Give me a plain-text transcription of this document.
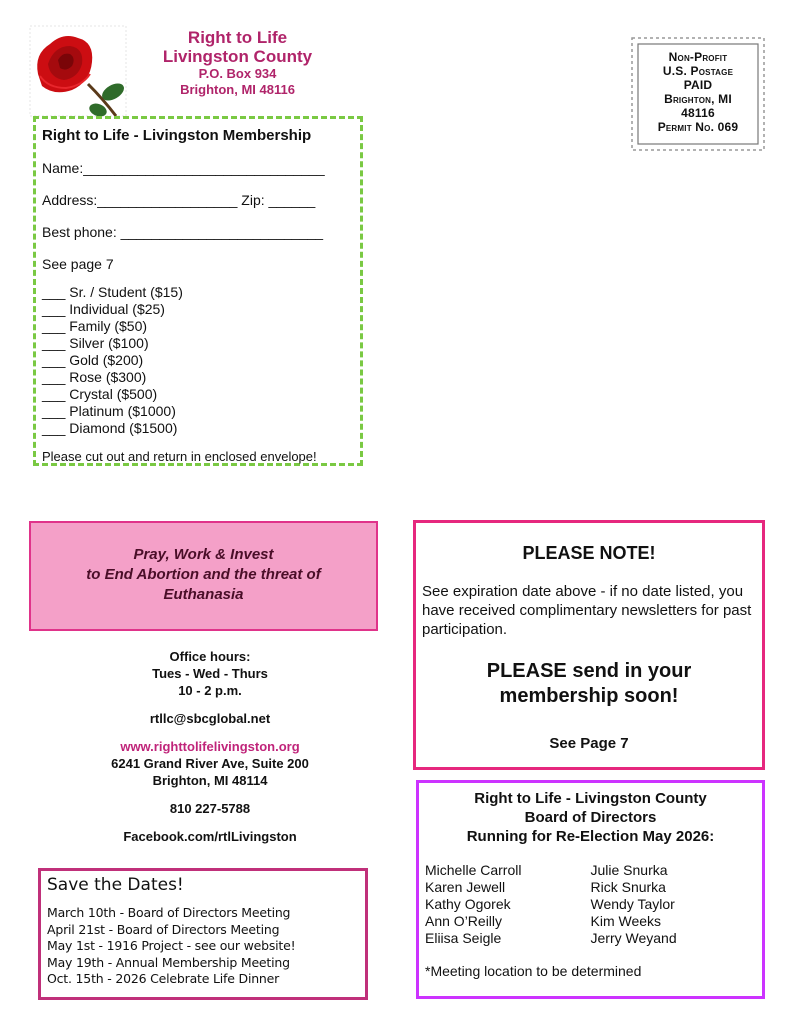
Right to Life
Livingston County
P.O. Box 934
Brighton, MI 48116
Non-Profit
U.S. Postage
PAID
Brighton, MI
48116
Permit No. 069
Right to Life - Livingston Membership
Name:_______________________________
Address:__________________ Zip: ______
Best phone: __________________________
See page 7
___ Sr. / Student ($15)
___ Individual ($25)
___ Family ($50)
___ Silver ($100)
___ Gold ($200)
___ Rose ($300)
___ Crystal ($500)
___ Platinum ($1000)
___ Diamond ($1500)
Please cut out and return in enclosed envelope!
Pray, Work & Invest
to End Abortion and the threat of
Euthanasia
Office hours:
Tues - Wed - Thurs
10 - 2 p.m.
rtllc@sbcglobal.net
www.righttolifelivingston.org
6241 Grand River Ave, Suite 200
Brighton, MI 48114
810 227-5788
Facebook.com/rtlLivingston
Save the Dates!
March 10th - Board of Directors Meeting
April 21st - Board of Directors Meeting
May 1st - 1916 Project - see our website!
May 19th - Annual Membership Meeting
Oct. 15th - 2026 Celebrate Life Dinner
PLEASE NOTE!
See expiration date above - if no date listed, you have received complimentary newsletters for past participation.
PLEASE send in your
membership soon!
See Page 7
Right to Life - Livingston County
Board of Directors
Running for Re-Election May 2026:
Michelle Carroll
Karen Jewell
Kathy Ogorek
Ann O’Reilly
Eliisa Seigle
Julie Snurka
Rick Snurka
Wendy Taylor
Kim Weeks
Jerry Weyand
*Meeting location to be determined
